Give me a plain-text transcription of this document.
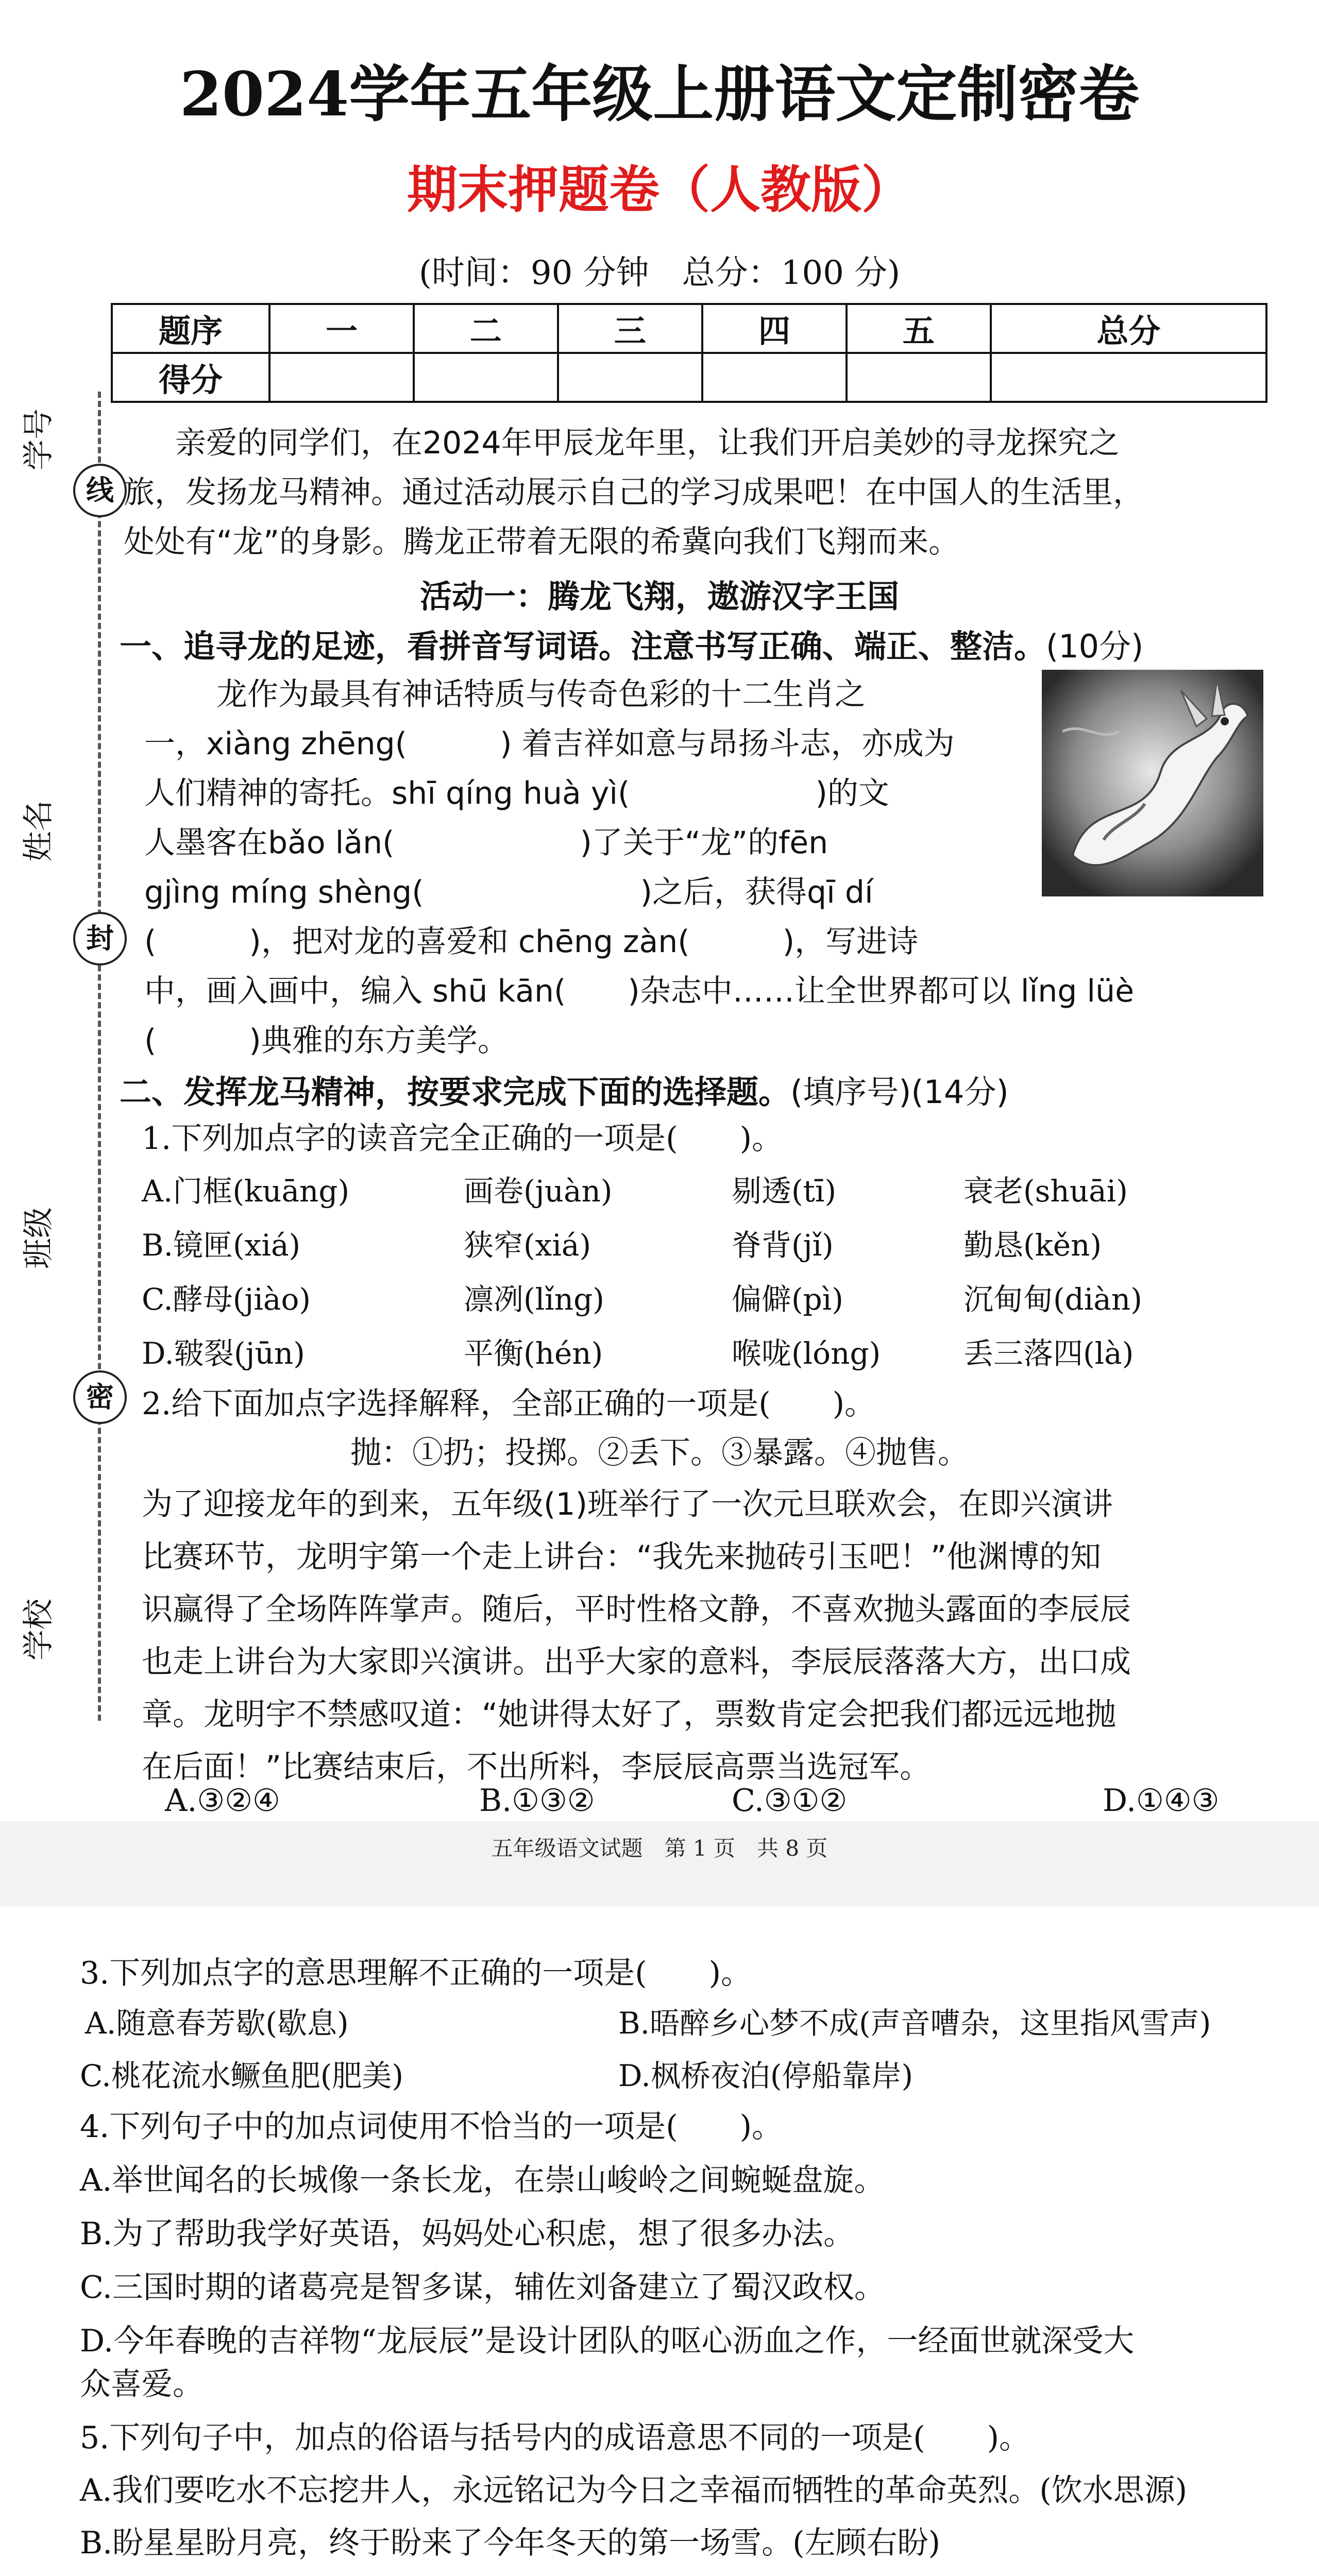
2024学年五年级上册语文定制密卷
期末押题卷（人教版）
(时间：90 分钟　总分：100 分)
题序	一	二	三	四	五	总分
得分						
学号
姓名
班级
学校
线
封
密
亲爱的同学们，在2024年甲辰龙年里，让我们开启美妙的寻龙探究之
旅，发扬龙马精神。通过活动展示自己的学习成果吧！在中国人的生活里，
处处有“龙”的身影。腾龙正带着无限的希冀向我们飞翔而来。
活动一：腾龙飞翔，遨游汉字王国
一、追寻龙的足迹，看拼音写词语。注意书写正确、端正、整洁。(10分)
龙作为最具有神话特质与传奇色彩的十二生肖之
一，xiàng zhēng(　　　) 着吉祥如意与昂扬斗志，亦成为
人们精神的寄托。shī qíng huà yì(　　　　　　)的文
人墨客在bǎo lǎn(　　　　　　)了关于“龙”的fēn
gjìng míng shèng(　　　　　　　)之后，获得qī dí
(　　　)，把对龙的喜爱和 chēng zàn(　　　)，写进诗
中，画入画中，编入 shū kān(　　)杂志中……让全世界都可以 lǐng lüè
(　　　)典雅的东方美学。
二、发挥龙马精神，按要求完成下面的选择题。(填序号)(14分)
1.下列加点字的读音完全正确的一项是(　　)。
A.门框(kuāng)	画卷(juàn)	剔透(tī)	衰老(shuāi)
B.镜匣(xiá)	狭窄(xiá)	脊背(jǐ)	勤恳(kěn)
C.酵母(jiào)	凛冽(lǐng)	偏僻(pì)	沉甸甸(diàn)
D.皲裂(jūn)	平衡(hén)	喉咙(lóng)	丢三落四(là)
2.给下面加点字选择解释，全部正确的一项是(　　)。
抛：①扔；投掷。②丢下。③暴露。④抛售。
为了迎接龙年的到来，五年级(1)班举行了一次元旦联欢会，在即兴演讲
比赛环节，龙明宇第一个走上讲台：“我先来抛砖引玉吧！”他渊博的知
识赢得了全场阵阵掌声。随后，平时性格文静，不喜欢抛头露面的李辰辰
也走上讲台为大家即兴演讲。出乎大家的意料，李辰辰落落大方，出口成
章。龙明宇不禁感叹道：“她讲得太好了，票数肯定会把我们都远远地抛
在后面！”比赛结束后，不出所料，李辰辰高票当选冠军。
A.③②④	B.①③②	C.③①②	D.①④③
五年级语文试题　第 1 页　共 8 页
3.下列加点字的意思理解不正确的一项是(　　)。
A.随意春芳歇(歇息)	B.晤醉乡心梦不成(声音嘈杂，这里指风雪声)
C.桃花流水鳜鱼肥(肥美)	D.枫桥夜泊(停船靠岸)
4.下列句子中的加点词使用不恰当的一项是(　　)。
A.举世闻名的长城像一条长龙，在崇山峻岭之间蜿蜒盘旋。
B.为了帮助我学好英语，妈妈处心积虑，想了很多办法。
C.三国时期的诸葛亮是智多谋，辅佐刘备建立了蜀汉政权。
D.今年春晚的吉祥物“龙辰辰”是设计团队的呕心沥血之作，一经面世就深受大
众喜爱。
5.下列句子中，加点的俗语与括号内的成语意思不同的一项是(　　)。
A.我们要吃水不忘挖井人，永远铭记为今日之幸福而牺牲的革命英烈。(饮水思源)
B.盼星星盼月亮，终于盼来了今年冬天的第一场雪。(左顾右盼)
